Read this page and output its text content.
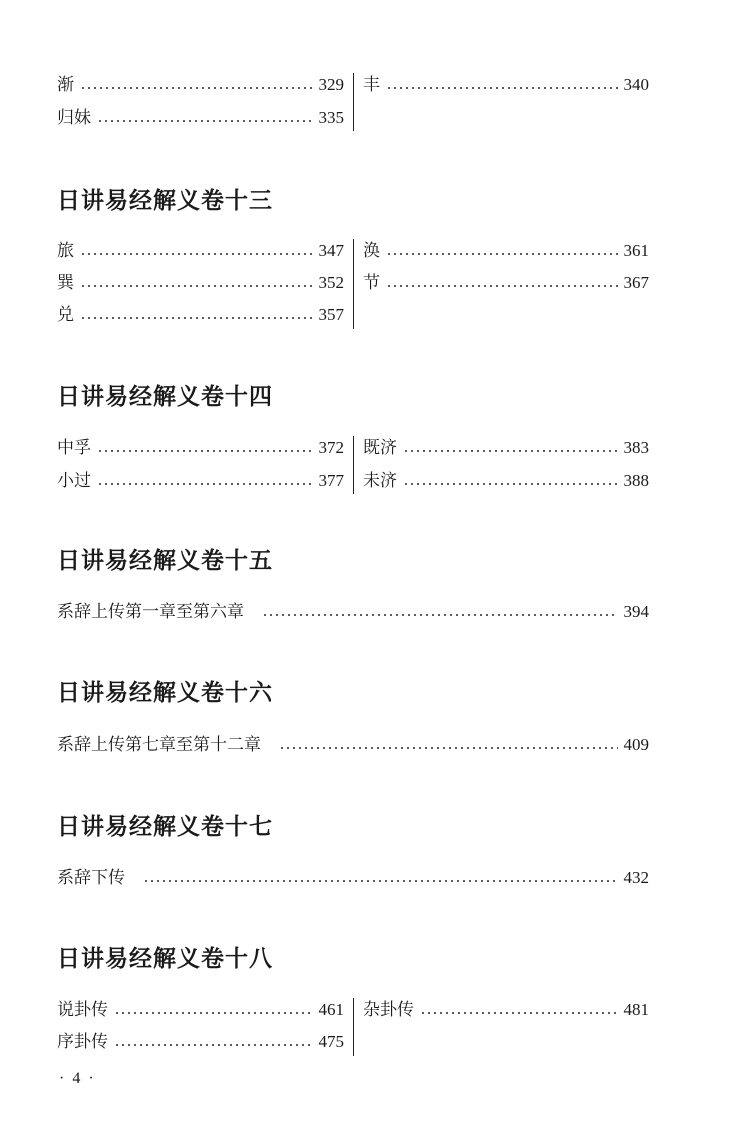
渐	329
归妹	335
丰	340
日讲易经解义卷十三
旅	347
巽	352
兑	357
涣	361
节	367
日讲易经解义卷十四
中孚	372
小过	377
既济	383
未济	388
日讲易经解义卷十五
系辞上传第一章至第六章	394
日讲易经解义卷十六
系辞上传第七章至第十二章	409
日讲易经解义卷十七
系辞下传	432
日讲易经解义卷十八
说卦传	461
序卦传	475
杂卦传	481
· 4 ·
